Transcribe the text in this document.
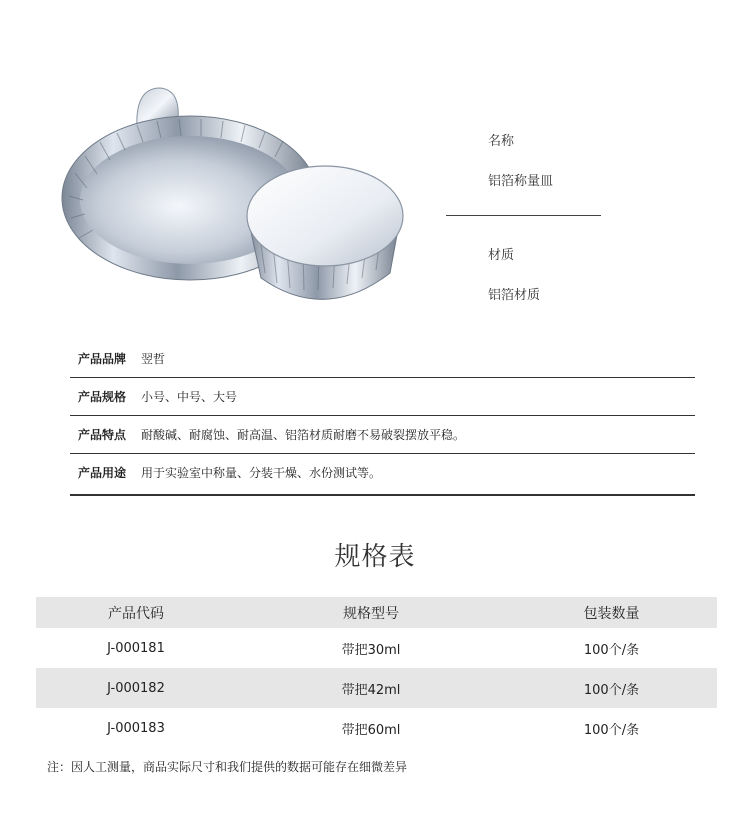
名称
铝箔称量皿
材质
铝箔材质
产品品牌 翌哲
产品规格 小号、中号、大号
产品特点 耐酸碱、耐腐蚀、耐高温、铝箔材质耐磨不易破裂摆放平稳。
产品用途 用于实验室中称量、分装干燥、水份测试等。
规格表
产品代码	规格型号	包装数量
J-000181	带把30ml	100个/条
J-000182	带把42ml	100个/条
J-000183	带把60ml	100个/条
注：因人工测量，商品实际尺寸和我们提供的数据可能存在细微差异
